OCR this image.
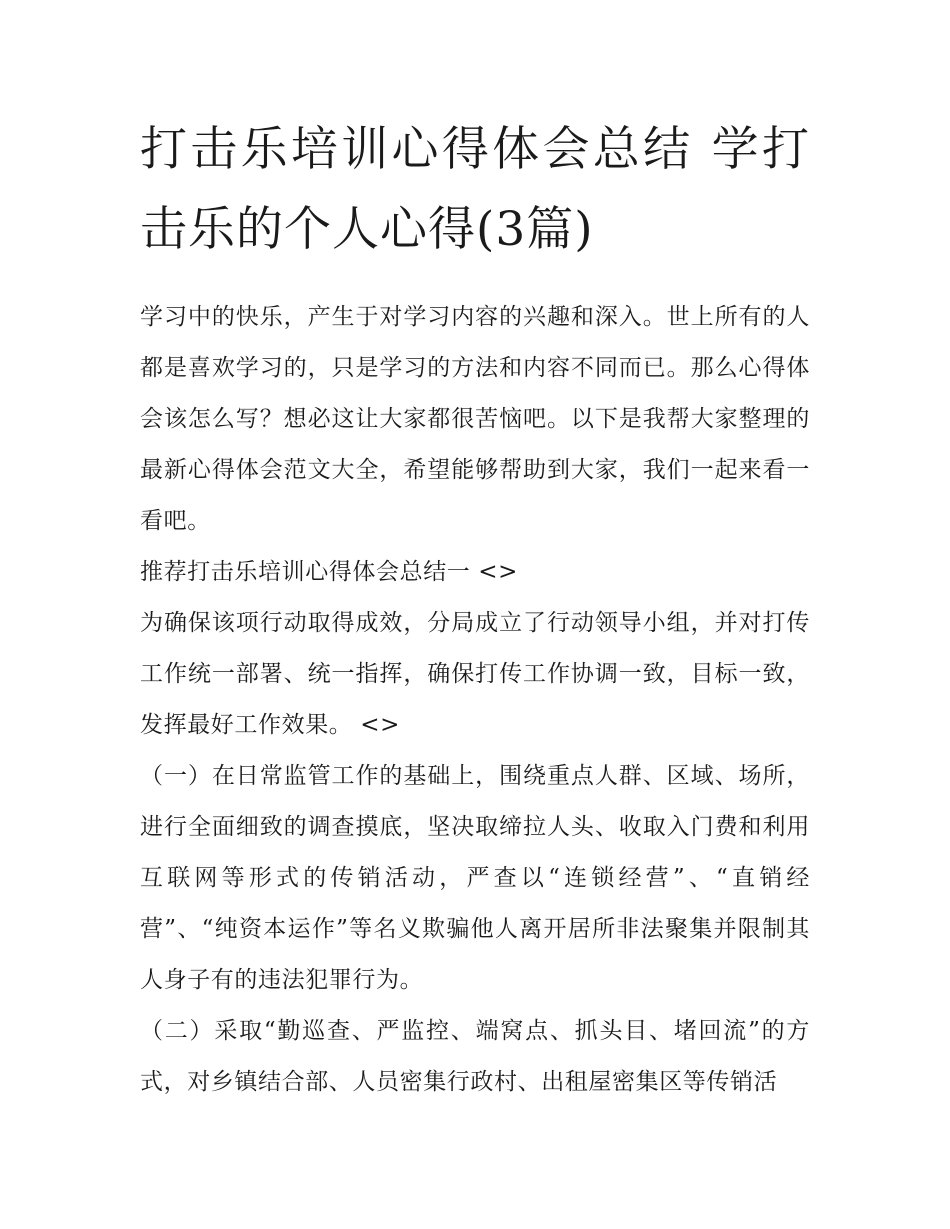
打击乐培训心得体会总结 学打击乐的个人心得(3篇)

学习中的快乐，产生于对学习内容的兴趣和深入。世上所有的人都是喜欢学习的，只是学习的方法和内容不同而已。那么心得体会该怎么写？想必这让大家都很苦恼吧。以下是我帮大家整理的最新心得体会范文大全，希望能够帮助到大家，我们一起来看一看吧。

推荐打击乐培训心得体会总结一 <>

为确保该项行动取得成效，分局成立了行动领导小组，并对打传工作统一部署、统一指挥，确保打传工作协调一致，目标一致，发挥最好工作效果。 <>

（一）在日常监管工作的基础上，围绕重点人群、区域、场所，进行全面细致的调查摸底，坚决取缔拉人头、收取入门费和利用互联网等形式的传销活动，严查以“连锁经营”、“直销经营”、“纯资本运作”等名义欺骗他人离开居所非法聚集并限制其人身子有的违法犯罪行为。

（二）采取“勤巡查、严监控、端窝点、抓头目、堵回流”的方式，对乡镇结合部、人员密集行政村、出租屋密集区等传销活
